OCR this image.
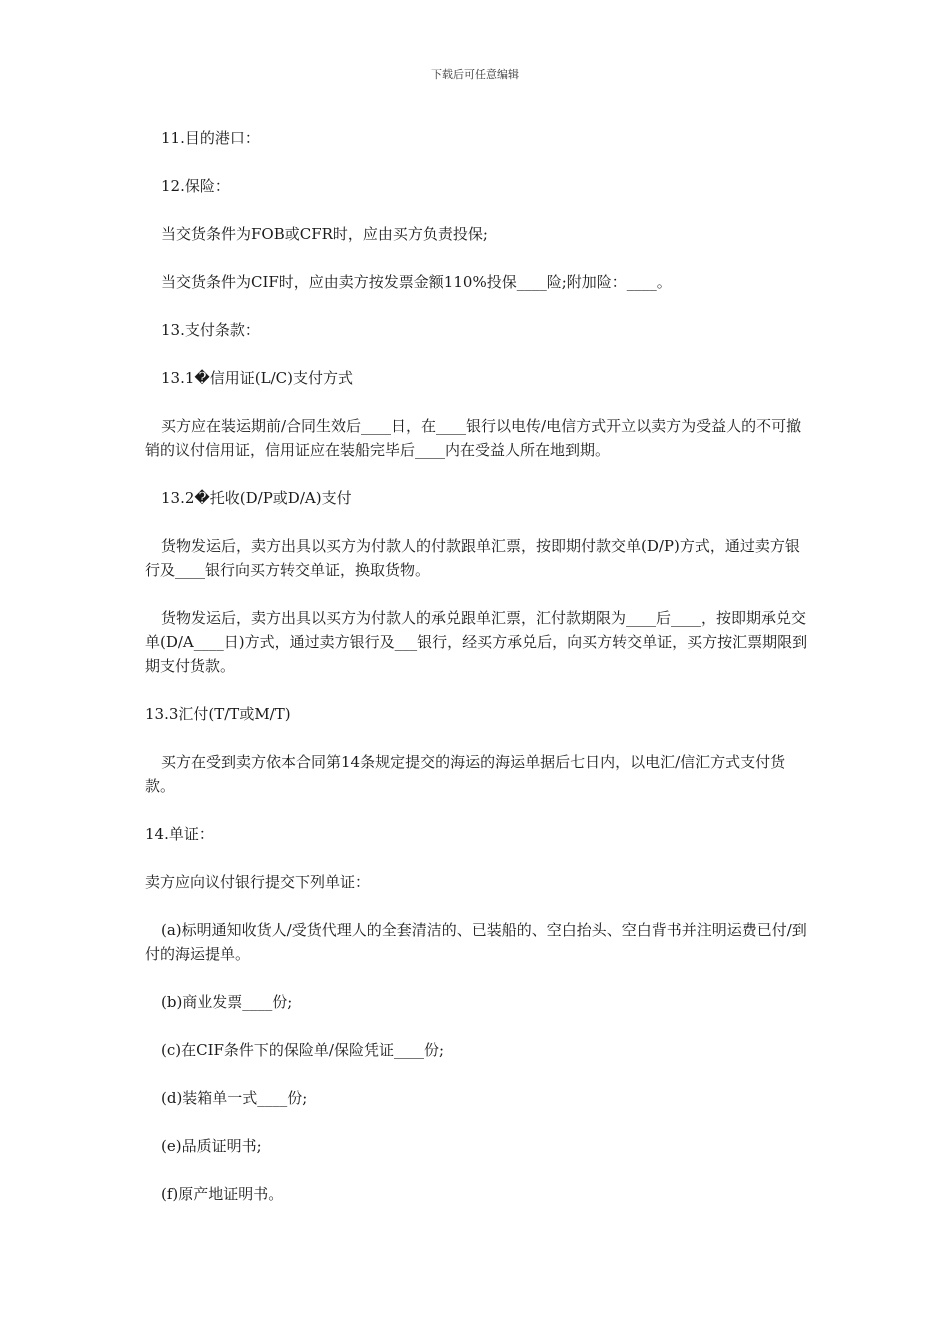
下载后可任意编辑

11.目的港口：

12.保险：

当交货条件为FOB或CFR时，应由买方负责投保;

当交货条件为CIF时，应由卖方按发票金额110%投保____险;附加险：____。

13.支付条款：

13.1�信用证(L/C)支付方式

买方应在装运期前/合同生效后____日，在____银行以电传/电信方式开立以卖方为受益人的不可撤销的议付信用证，信用证应在装船完毕后____内在受益人所在地到期。

13.2�托收(D/P或D/A)支付

货物发运后，卖方出具以买方为付款人的付款跟单汇票，按即期付款交单(D/P)方式，通过卖方银行及____银行向买方转交单证，换取货物。

货物发运后，卖方出具以买方为付款人的承兑跟单汇票，汇付款期限为____后____，按即期承兑交单(D/A____日)方式，通过卖方银行及___银行，经买方承兑后，向买方转交单证，买方按汇票期限到期支付货款。

13.3汇付(T/T或M/T)

买方在受到卖方依本合同第14条规定提交的海运的海运单据后七日内，以电汇/信汇方式支付货款。

14.单证：

卖方应向议付银行提交下列单证：

(a)标明通知收货人/受货代理人的全套清洁的、已装船的、空白抬头、空白背书并注明运费已付/到付的海运提单。

(b)商业发票____份;

(c)在CIF条件下的保险单/保险凭证____份;

(d)装箱单一式____份;

(e)品质证明书;

(f)原产地证明书。
